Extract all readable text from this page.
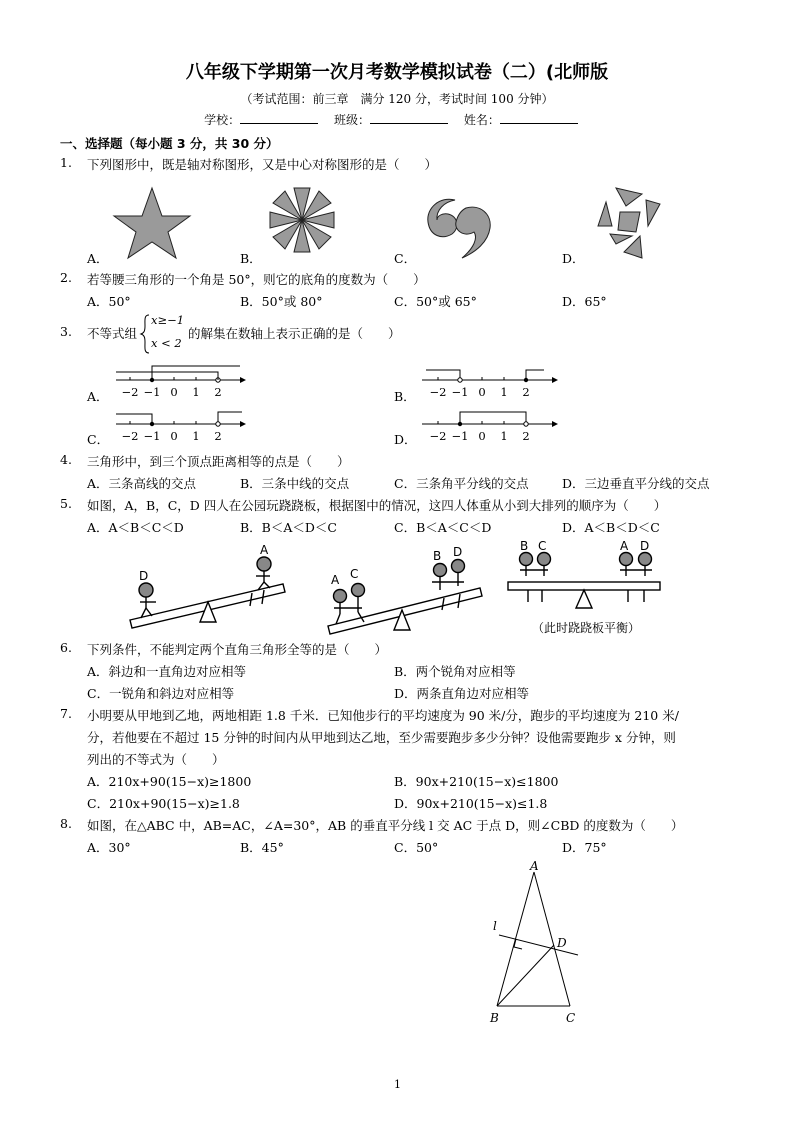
八年级下学期第一次月考数学模拟试卷（二）(北师版
（考试范围：前三章　满分 120 分，考试时间 100 分钟）
学校：	班级：	姓名：
一、选择题（每小题 3 分，共 30 分）
1. 下列图形中，既是轴对称图形，又是中心对称图形的是（　　）
A．	B．	C．	D．
2. 若等腰三角形的一个角是 50°，则它的底角的度数为（　　）
A．50°	B．50°或 80°	C．50°或 65°	D．65°
3. 不等式组
x≥−1
x < 2
的解集在数轴上表示正确的是（　　）
A．	B．
C．	D．
−2 −1 0 1 2	−2 −1 0 1 2
−2 −1 0 1 2	−2 −1 0 1 2
4. 三角形中，到三个顶点距离相等的点是（　　）
A．三条高线的交点	B．三条中线的交点	C．三条角平分线的交点	D．三边垂直平分线的交点
5. 如图，A，B，C，D 四人在公园玩跷跷板，根据图中的情况，这四人体重从小到大排列的顺序为（　　）
A．A＜B＜C＜D	B．B＜A＜D＜C	C．B＜A＜C＜D	D．A＜B＜D＜C
D
A
A C
B D	B C	A D
（此时跷跷板平衡）
6. 下列条件，不能判定两个直角三角形全等的是（　　）
A．斜边和一直角边对应相等	B．两个锐角对应相等
C．一锐角和斜边对应相等	D．两条直角边对应相等
7. 小明要从甲地到乙地，两地相距 1.8 千米．已知他步行的平均速度为 90 米/分，跑步的平均速度为 210 米/
分，若他要在不超过 15 分钟的时间内从甲地到达乙地，至少需要跑步多少分钟？设他需要跑步 x 分钟，则
列出的不等式为（　　）
A．210x+90(15−x)≥1800	B．90x+210(15−x)≤1800
C．210x+90(15−x)≥1.8	D．90x+210(15−x)≤1.8
8. 如图，在△ABC 中，AB=AC，∠A=30°，AB 的垂直平分线 l 交 AC 于点 D，则∠CBD 的度数为（　　）
A．30°	B．45°	C．50°	D．75°
A
B	C
D
l
1
